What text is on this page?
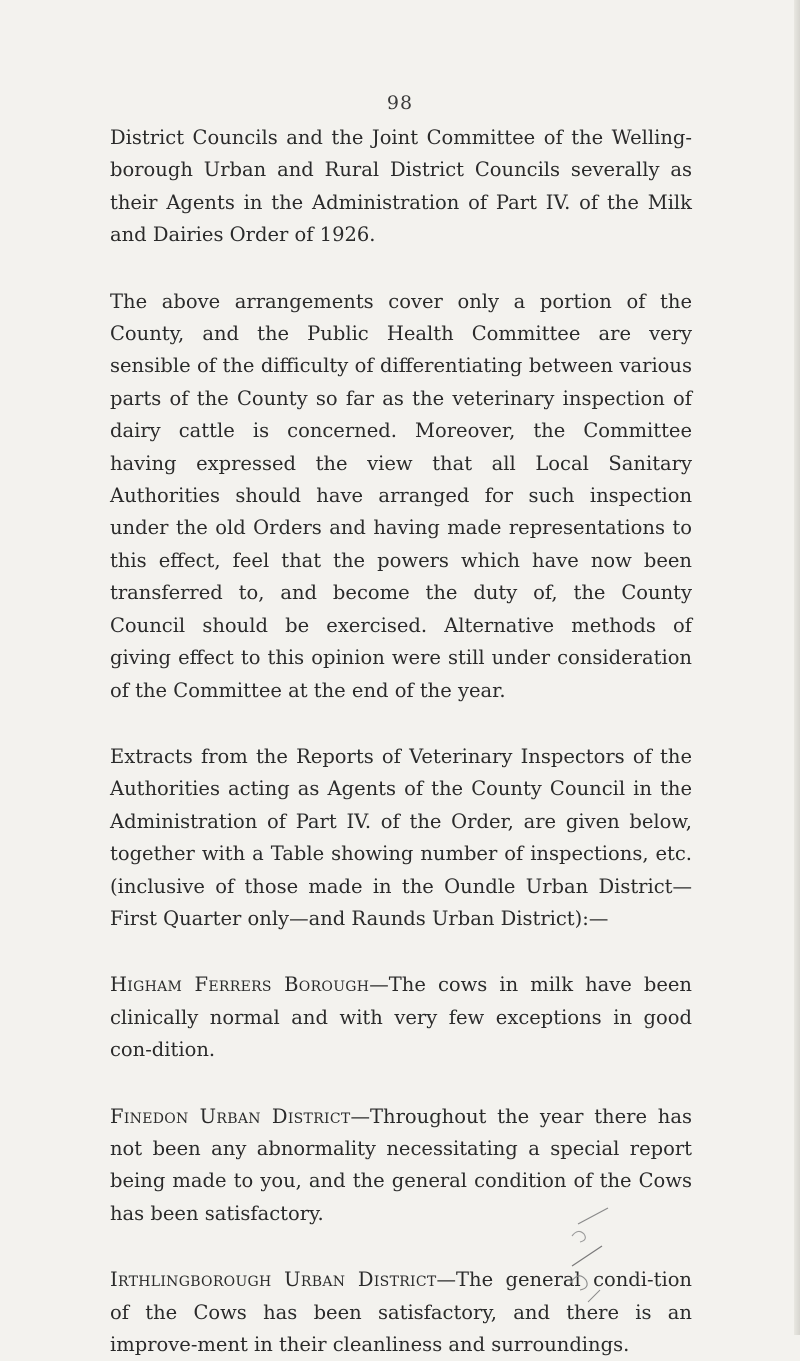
98

District Councils and the Joint Committee of the Welling-borough Urban and Rural District Councils severally as their Agents in the Administration of Part IV. of the Milk and Dairies Order of 1926.

The above arrangements cover only a portion of the County, and the Public Health Committee are very sensible of the difficulty of differentiating between various parts of the County so far as the veterinary inspection of dairy cattle is concerned. Moreover, the Committee having expressed the view that all Local Sanitary Authorities should have arranged for such inspection under the old Orders and having made representations to this effect, feel that the powers which have now been transferred to, and become the duty of, the County Council should be exercised. Alternative methods of giving effect to this opinion were still under consideration of the Committee at the end of the year.

Extracts from the Reports of Veterinary Inspectors of the Authorities acting as Agents of the County Council in the Administration of Part IV. of the Order, are given below, together with a Table showing number of inspections, etc. (inclusive of those made in the Oundle Urban District—First Quarter only—and Raunds Urban District):—

Higham Ferrers Borough—The cows in milk have been clinically normal and with very few exceptions in good con-dition.

Finedon Urban District—Throughout the year there has not been any abnormality necessitating a special report being made to you, and the general condition of the Cows has been satisfactory.

Irthlingborough Urban District—The general condi-tion of the Cows has been satisfactory, and there is an improve-ment in their cleanliness and surroundings.
